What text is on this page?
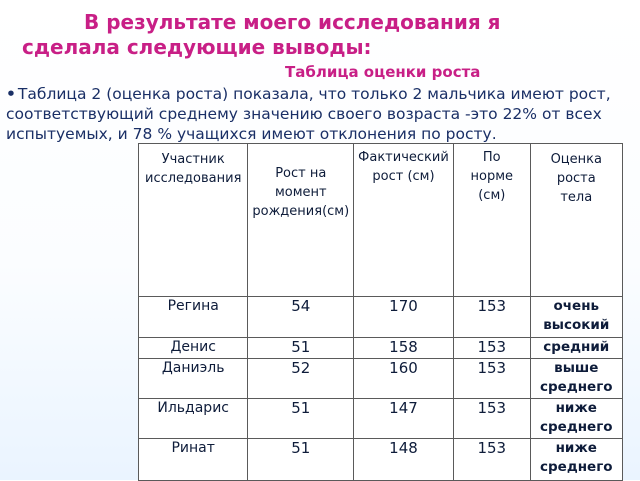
В результате моего исследования я
сделала следующие выводы:
Таблица оценки роста
• Таблица 2 (оценка роста) показала, что только 2 мальчика имеют рост, соответствующий среднему значению своего возраста -это 22% от всех испытуемых, и 78 % учащихся имеют отклонения по росту.
Участник исследования	Рост на момент рождения(см)	Фактический рост (см)	По норме (см)	Оценка роста тела

Регина	54	170	153	очень высокий
Денис	51	158	153	средний
Даниэль	52	160	153	выше среднего

Ильдарис	51	147	153	ниже среднего
Ринат	51	148	153	ниже среднего
